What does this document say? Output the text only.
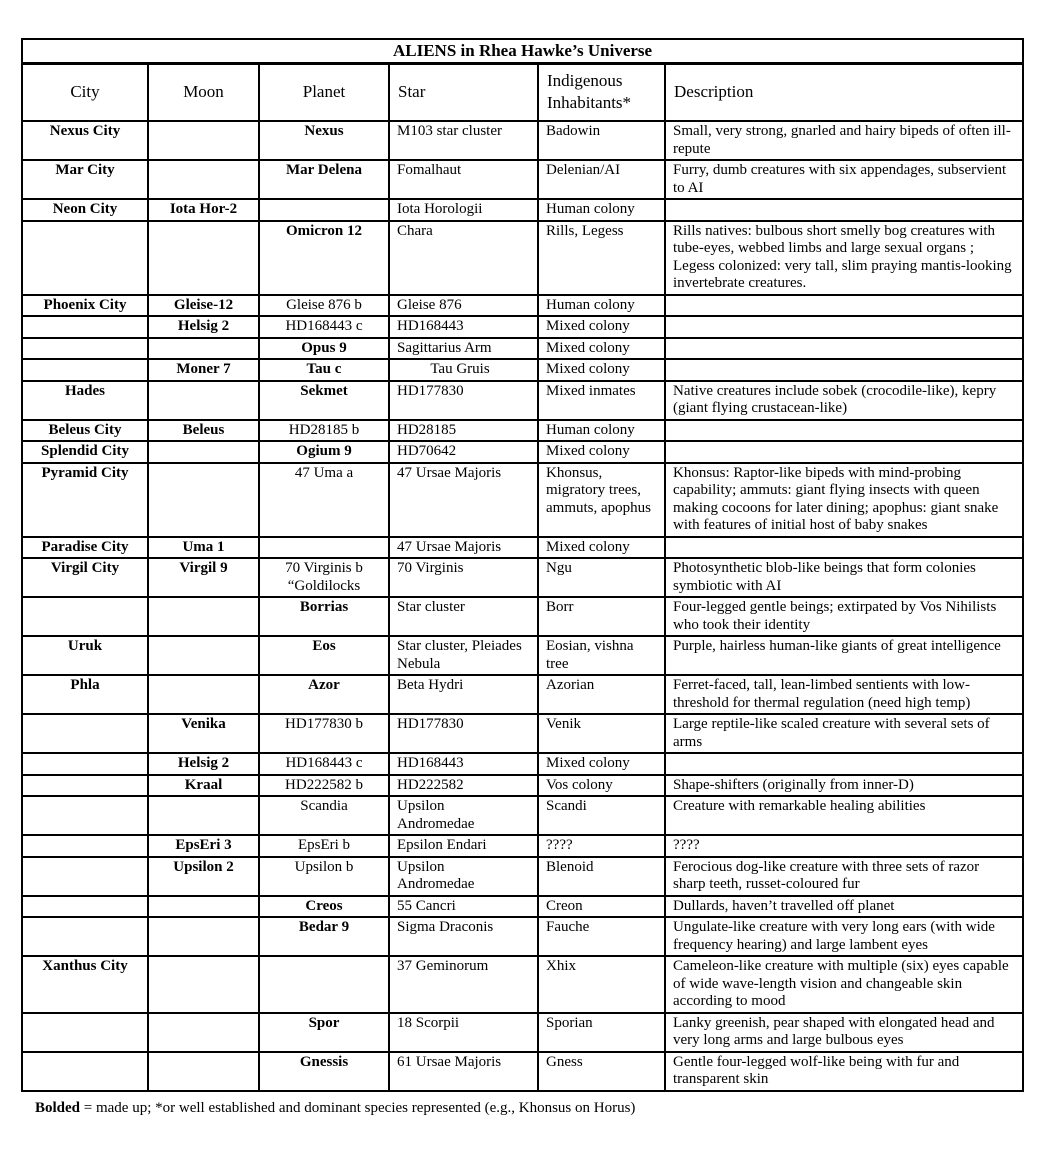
ALIENS in Rhea Hawke’s Universe					
City	Moon	Planet	Star	Indigenous Inhabitants*	Description
Nexus City		Nexus	M103 star cluster	Badowin	Small, very strong, gnarled and hairy bipeds of often ill-repute
Mar City		Mar Delena	Fomalhaut	Delenian/AI	Furry, dumb creatures with six appendages, subservient to AI
Neon City	Iota Hor-2		Iota Horologii	Human colony	
		Omicron 12	Chara	Rills, Legess	Rills natives: bulbous short smelly bog creatures with tube-eyes, webbed limbs and large sexual organs ; Legess colonized: very tall, slim praying mantis-looking invertebrate creatures.
Phoenix City	Gleise-12	Gleise 876 b	Gleise 876	Human colony	
	Helsig 2	HD168443 c	HD168443	Mixed colony	
		Opus 9	Sagittarius Arm	Mixed colony	
	Moner 7	Tau c	Tau Gruis	Mixed colony	
Hades		Sekmet	HD177830	Mixed inmates	Native creatures include sobek (crocodile-like), kepry (giant flying crustacean-like)
Beleus City	Beleus	HD28185 b	HD28185	Human colony	
Splendid City		Ogium 9	HD70642	Mixed colony	
Pyramid City		47 Uma a	47 Ursae Majoris	Khonsus, migratory trees, ammuts, apophus	Khonsus: Raptor-like bipeds with mind-probing capability; ammuts: giant flying insects with queen making cocoons for later dining; apophus: giant snake with features of initial host of baby snakes
Paradise City	Uma 1		47 Ursae Majoris	Mixed colony	
Virgil City	Virgil 9	70 Virginis b “Goldilocks	70 Virginis	Ngu	Photosynthetic blob-like beings that form colonies symbiotic with AI
		Borrias	Star cluster	Borr	Four-legged gentle beings; extirpated by Vos Nihilists who took their identity
Uruk		Eos	Star cluster, Pleiades Nebula	Eosian, vishna tree	Purple, hairless human-like giants of great intelligence
Phla		Azor	Beta Hydri	Azorian	Ferret-faced, tall, lean-limbed sentients with low-threshold for thermal regulation (need high temp)
	Venika	HD177830 b	HD177830	Venik	Large reptile-like scaled creature with several sets of arms
	Helsig 2	HD168443 c	HD168443	Mixed colony	
	Kraal	HD222582 b	HD222582	Vos colony	Shape-shifters (originally from inner-D)
		Scandia	Upsilon Andromedae	Scandi	Creature with remarkable healing abilities
	EpsEri 3	EpsEri b	Epsilon Endari	????	????
	Upsilon 2	Upsilon b	Upsilon Andromedae	Blenoid	Ferocious dog-like creature with three sets of razor sharp teeth, russet-coloured fur
		Creos	55 Cancri	Creon	Dullards, haven’t travelled off planet
		Bedar 9	Sigma Draconis	Fauche	Ungulate-like creature with very long ears (with wide frequency hearing) and large lambent eyes
Xanthus City			37 Geminorum	Xhix	Cameleon-like creature with multiple (six) eyes capable of wide wave-length vision and changeable skin according to mood
		Spor	18 Scorpii	Sporian	Lanky greenish, pear shaped with elongated head and very long arms and large bulbous eyes
		Gnessis	61 Ursae Majoris	Gness	Gentle four-legged wolf-like being with fur and transparent skin
Bolded = made up; *or well established and dominant species represented (e.g., Khonsus on Horus)
